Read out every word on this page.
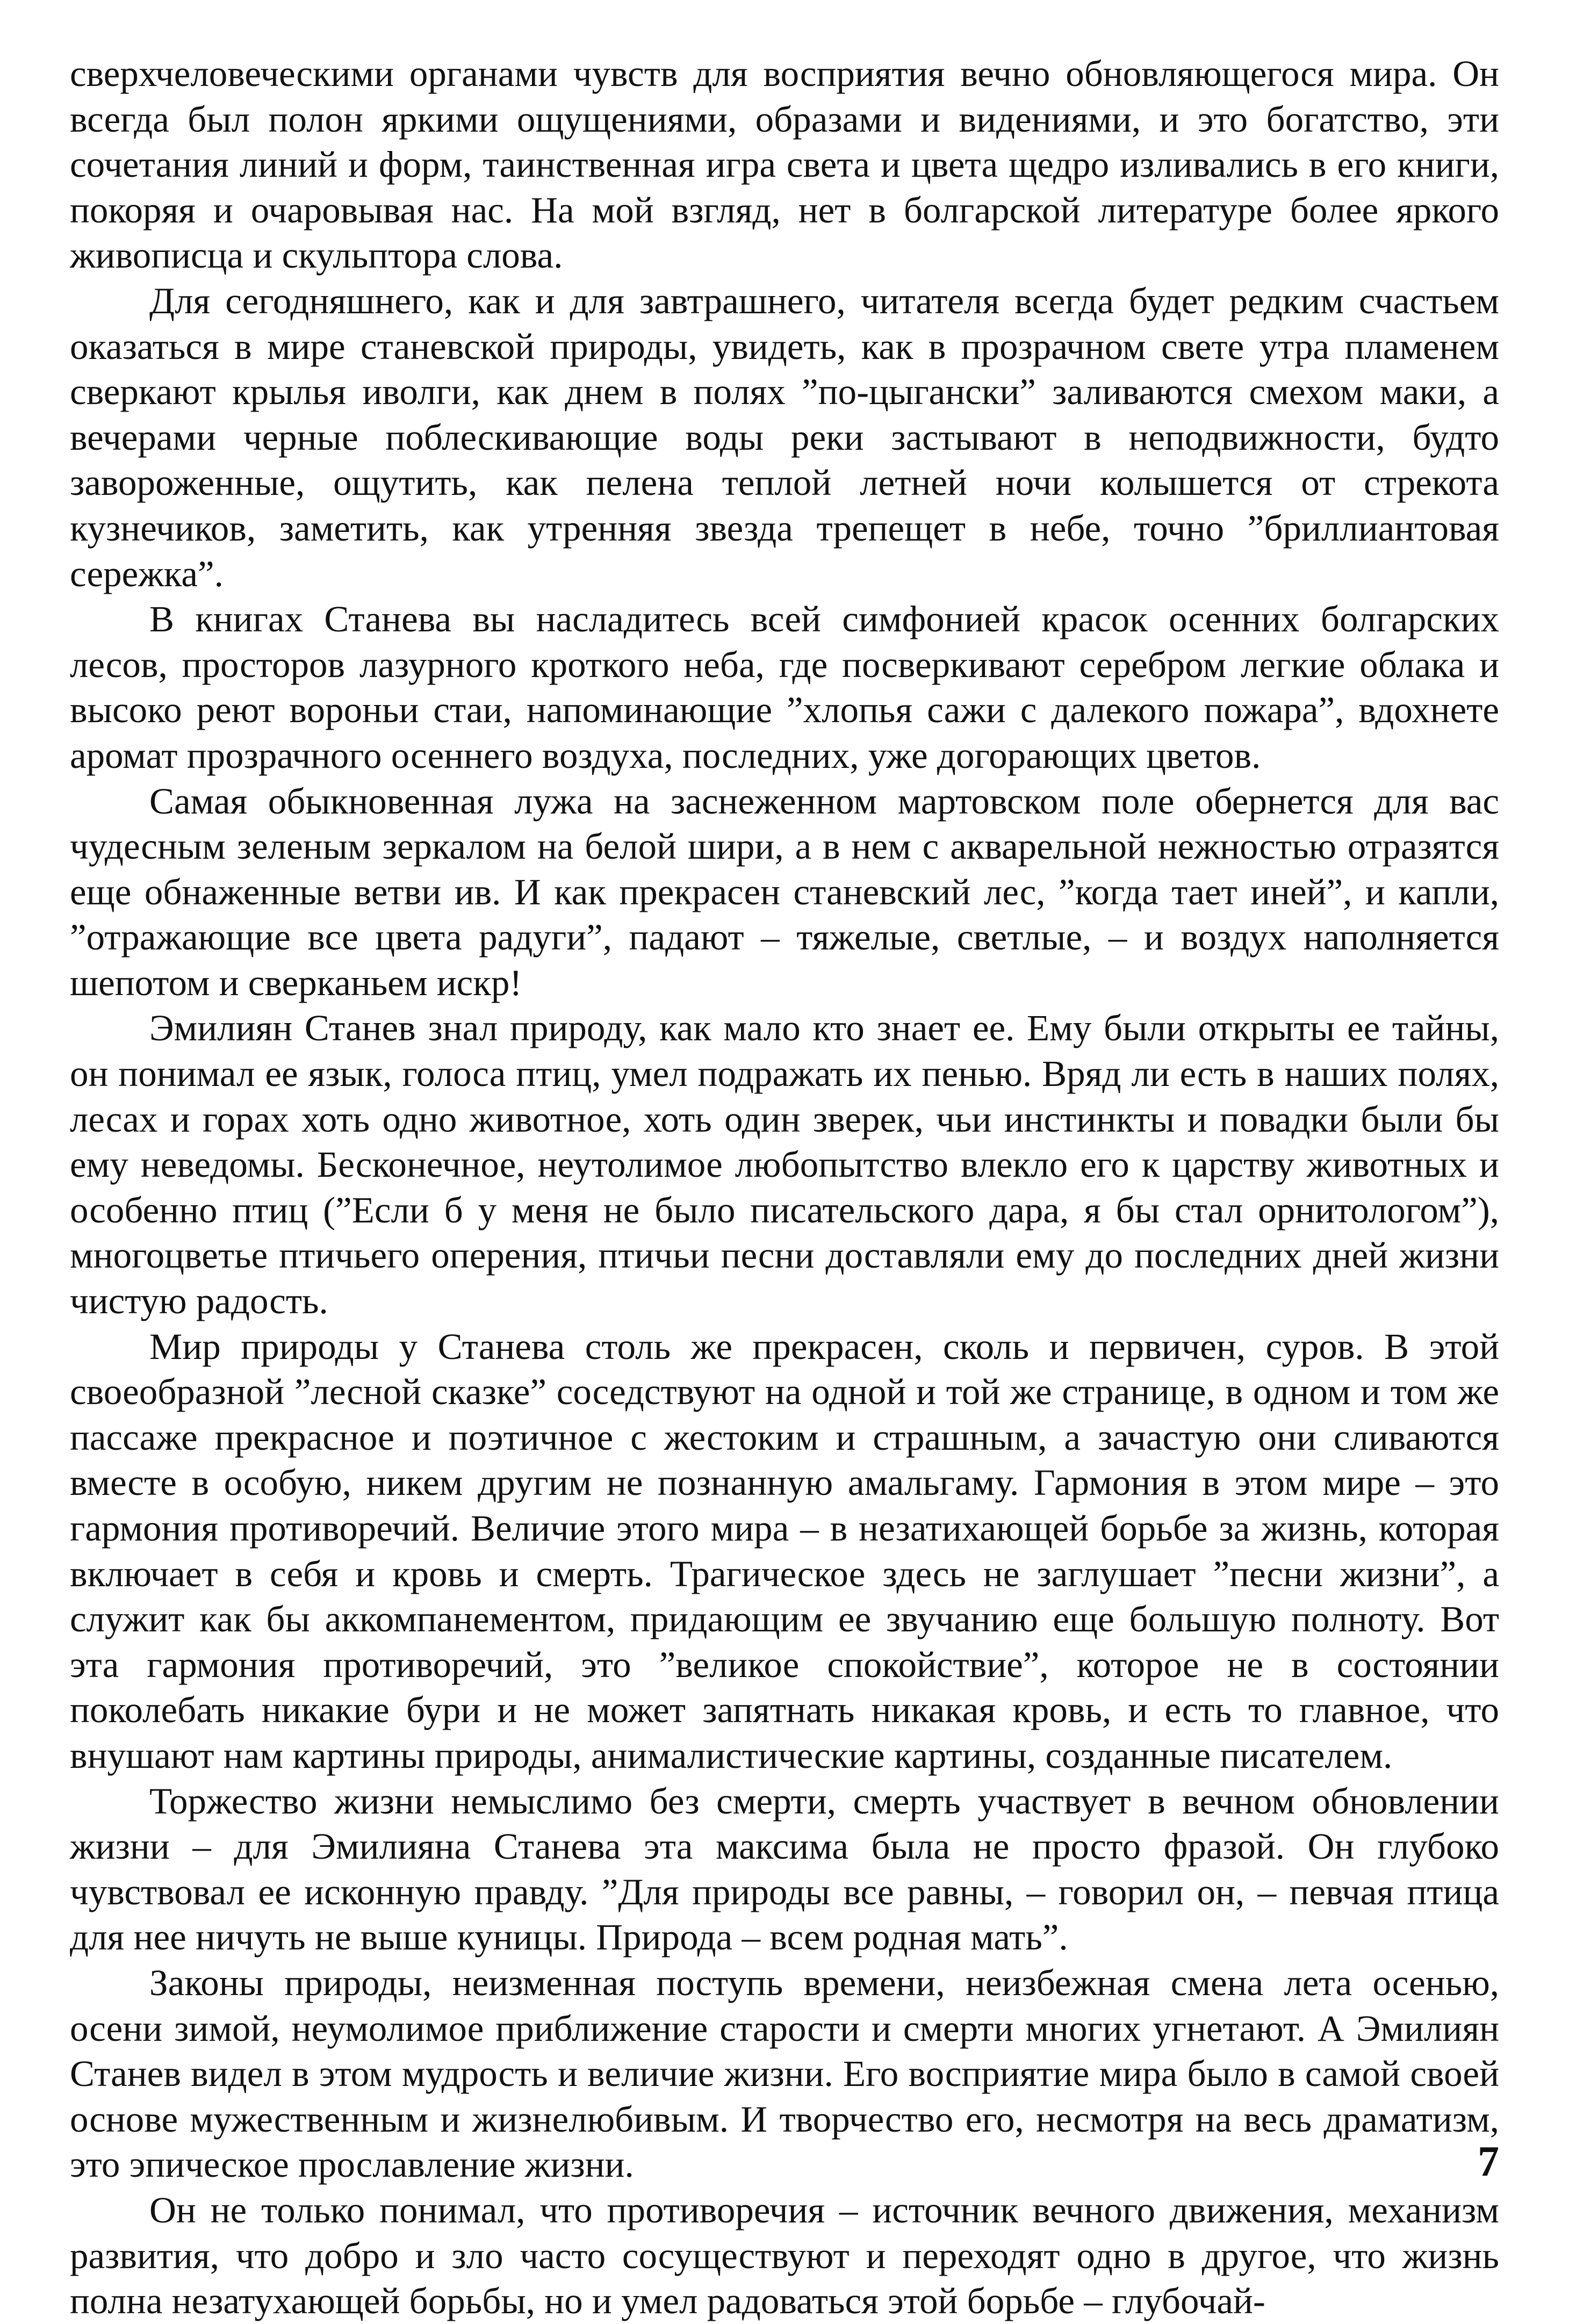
сверхчеловеческими органами чувств для восприятия вечно обновляющегося мира. Он всегда был полон яркими ощущениями, образами и видениями, и это богатство, эти сочетания линий и форм, таинственная игра света и цвета щедро изливались в его книги, покоряя и очаровывая нас. На мой взгляд, нет в болгарской литературе более яркого живописца и скульптора слова.

Для сегодняшнего, как и для завтрашнего, читателя всегда будет редким счастьем оказаться в мире станевской природы, увидеть, как в прозрачном свете утра пламенем сверкают крылья иволги, как днем в полях ”по-цыгански” заливаются смехом маки, а вечерами черные поблескивающие воды реки застывают в неподвижности, будто завороженные, ощутить, как пелена теплой летней ночи колышется от стрекота кузнечиков, заметить, как утренняя звезда трепещет в небе, точно ”бриллиантовая сережка”.

В книгах Станева вы насладитесь всей симфонией красок осенних болгарских лесов, просторов лазурного кроткого неба, где посверкивают серебром легкие облака и высоко реют вороньи стаи, напоминающие ”хлопья сажи с далекого пожара”, вдохнете аромат прозрачного осеннего воздуха, последних, уже догорающих цветов.

Самая обыкновенная лужа на заснеженном мартовском поле обернется для вас чудесным зеленым зеркалом на белой шири, а в нем с акварельной нежностью отразятся еще обнаженные ветви ив. И как прекрасен станевский лес, ”когда тает иней”, и капли, ”отражающие все цвета радуги”, падают – тяжелые, светлые, – и воздух наполняется шепотом и сверканьем искр!

Эмилиян Станев знал природу, как мало кто знает ее. Ему были открыты ее тайны, он понимал ее язык, голоса птиц, умел подражать их пенью. Вряд ли есть в наших полях, лесах и горах хоть одно животное, хоть один зверек, чьи инстинкты и повадки были бы ему неведомы. Бесконечное, неутолимое любопытство влекло его к царству животных и особенно птиц (”Если б у меня не было писательского дара, я бы стал орнитологом”), многоцветье птичьего оперения, птичьи песни доставляли ему до последних дней жизни чистую радость.

Мир природы у Станева столь же прекрасен, сколь и первичен, суров. В этой своеобразной ”лесной сказке” соседствуют на одной и той же странице, в одном и том же пассаже прекрасное и поэтичное с жестоким и страшным, а зачастую они сливаются вместе в особую, никем другим не познанную амальгаму. Гармония в этом мире – это гармония противоречий. Величие этого мира – в незатихающей борьбе за жизнь, которая включает в себя и кровь и смерть. Трагическое здесь не заглушает ”песни жизни”, а служит как бы аккомпанементом, придающим ее звучанию еще большую полноту. Вот эта гармония противоречий, это ”великое спокойствие”, которое не в состоянии поколебать никакие бури и не может запятнать никакая кровь, и есть то главное, что внушают нам картины природы, анималистические картины, созданные писателем.

Торжество жизни немыслимо без смерти, смерть участвует в вечном обновлении жизни – для Эмилияна Станева эта максима была не просто фразой. Он глубоко чувствовал ее исконную правду. ”Для природы все равны, – говорил он, – певчая птица для нее ничуть не выше куницы. Природа – всем родная мать”.

Законы природы, неизменная поступь времени, неизбежная смена лета осенью, осени зимой, неумолимое приближение старости и смерти многих угнетают. А Эмилиян Станев видел в этом мудрость и величие жизни. Его восприятие мира было в самой своей основе мужественным и жизнелюбивым. И творчество его, несмотря на весь драматизм, это эпическое прославление жизни.

Он не только понимал, что противоречия – источник вечного движения, механизм развития, что добро и зло часто сосуществуют и переходят одно в другое, что жизнь полна незатухающей борьбы, но и умел радоваться этой борьбе – глубочай-

7
